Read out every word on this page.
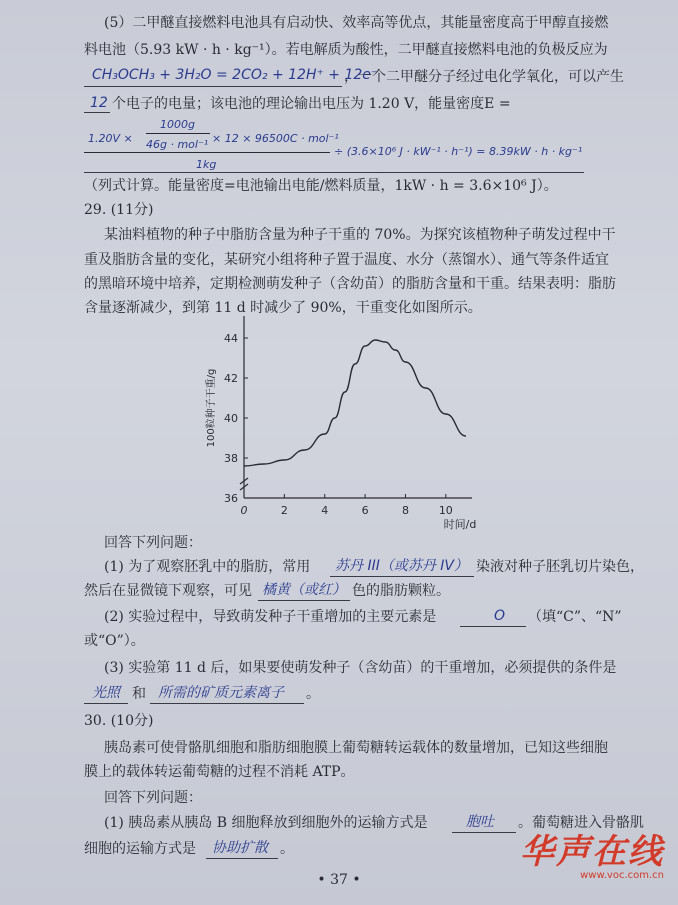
(5）二甲醚直接燃料电池具有启动快、效率高等优点，其能量密度高于甲醇直接燃
料电池（5.93 kW · h · kg⁻¹）。若电解质为酸性，二甲醚直接燃料电池的负极反应为
CH₃OCH₃ + 3H₂O = 2CO₂ + 12H⁺ + 12e⁻
，一个二甲醚分子经过电化学氧化，可以产生
12 个电子的电量；该电池的理论输出电压为 1.20 V，能量密度E =
1.20V ×
1000g
46g · mol⁻¹ × 12 × 96500C · mol⁻¹
1kg
÷ (3.6×10⁶ J · kW⁻¹ · h⁻¹) = 8.39kW · h · kg⁻¹
（列式计算。能量密度=电池输出电能/燃料质量，1kW · h = 3.6×10⁶ J）。
29. (11分)
某油料植物的种子中脂肪含量为种子干重的 70%。为探究该植物种子萌发过程中干
重及脂肪含量的变化，某研究小组将种子置于温度、水分（蒸馏水）、通气等条件适宜
的黑暗环境中培养，定期检测萌发种子（含幼苗）的脂肪含量和干重。结果表明：脂肪
含量逐渐减少，到第 11 d 时减少了 90%，干重变化如图所示。
0	2	4	6	8	10
36
38
40
42
44
时间/d
100粒种子干重/g
回答下列问题：
(1) 为了观察胚乳中的脂肪，常用 苏丹 III（或苏丹 IV） 染液对种子胚乳切片染色，
然后在显微镜下观察，可见 橘黄（或红） 色的脂肪颗粒。
(2) 实验过程中，导致萌发种子干重增加的主要元素是	O （填“C”、“N”
或“O”）。
(3) 实验第 11 d 后，如果要使萌发种子（含幼苗）的干重增加，必须提供的条件是
光照 和 所需的矿质元素离子 。
30. (10分)
胰岛素可使骨骼肌细胞和脂肪细胞膜上葡萄糖转运载体的数量增加，已知这些细胞
膜上的载体转运葡萄糖的过程不消耗 ATP。
回答下列问题：
(1) 胰岛素从胰岛 B 细胞释放到细胞外的运输方式是	胞吐 。葡萄糖进入骨骼肌
细胞的运输方式是 协助扩散 。
• 37 •
华声在线
www.voc.com.cn
